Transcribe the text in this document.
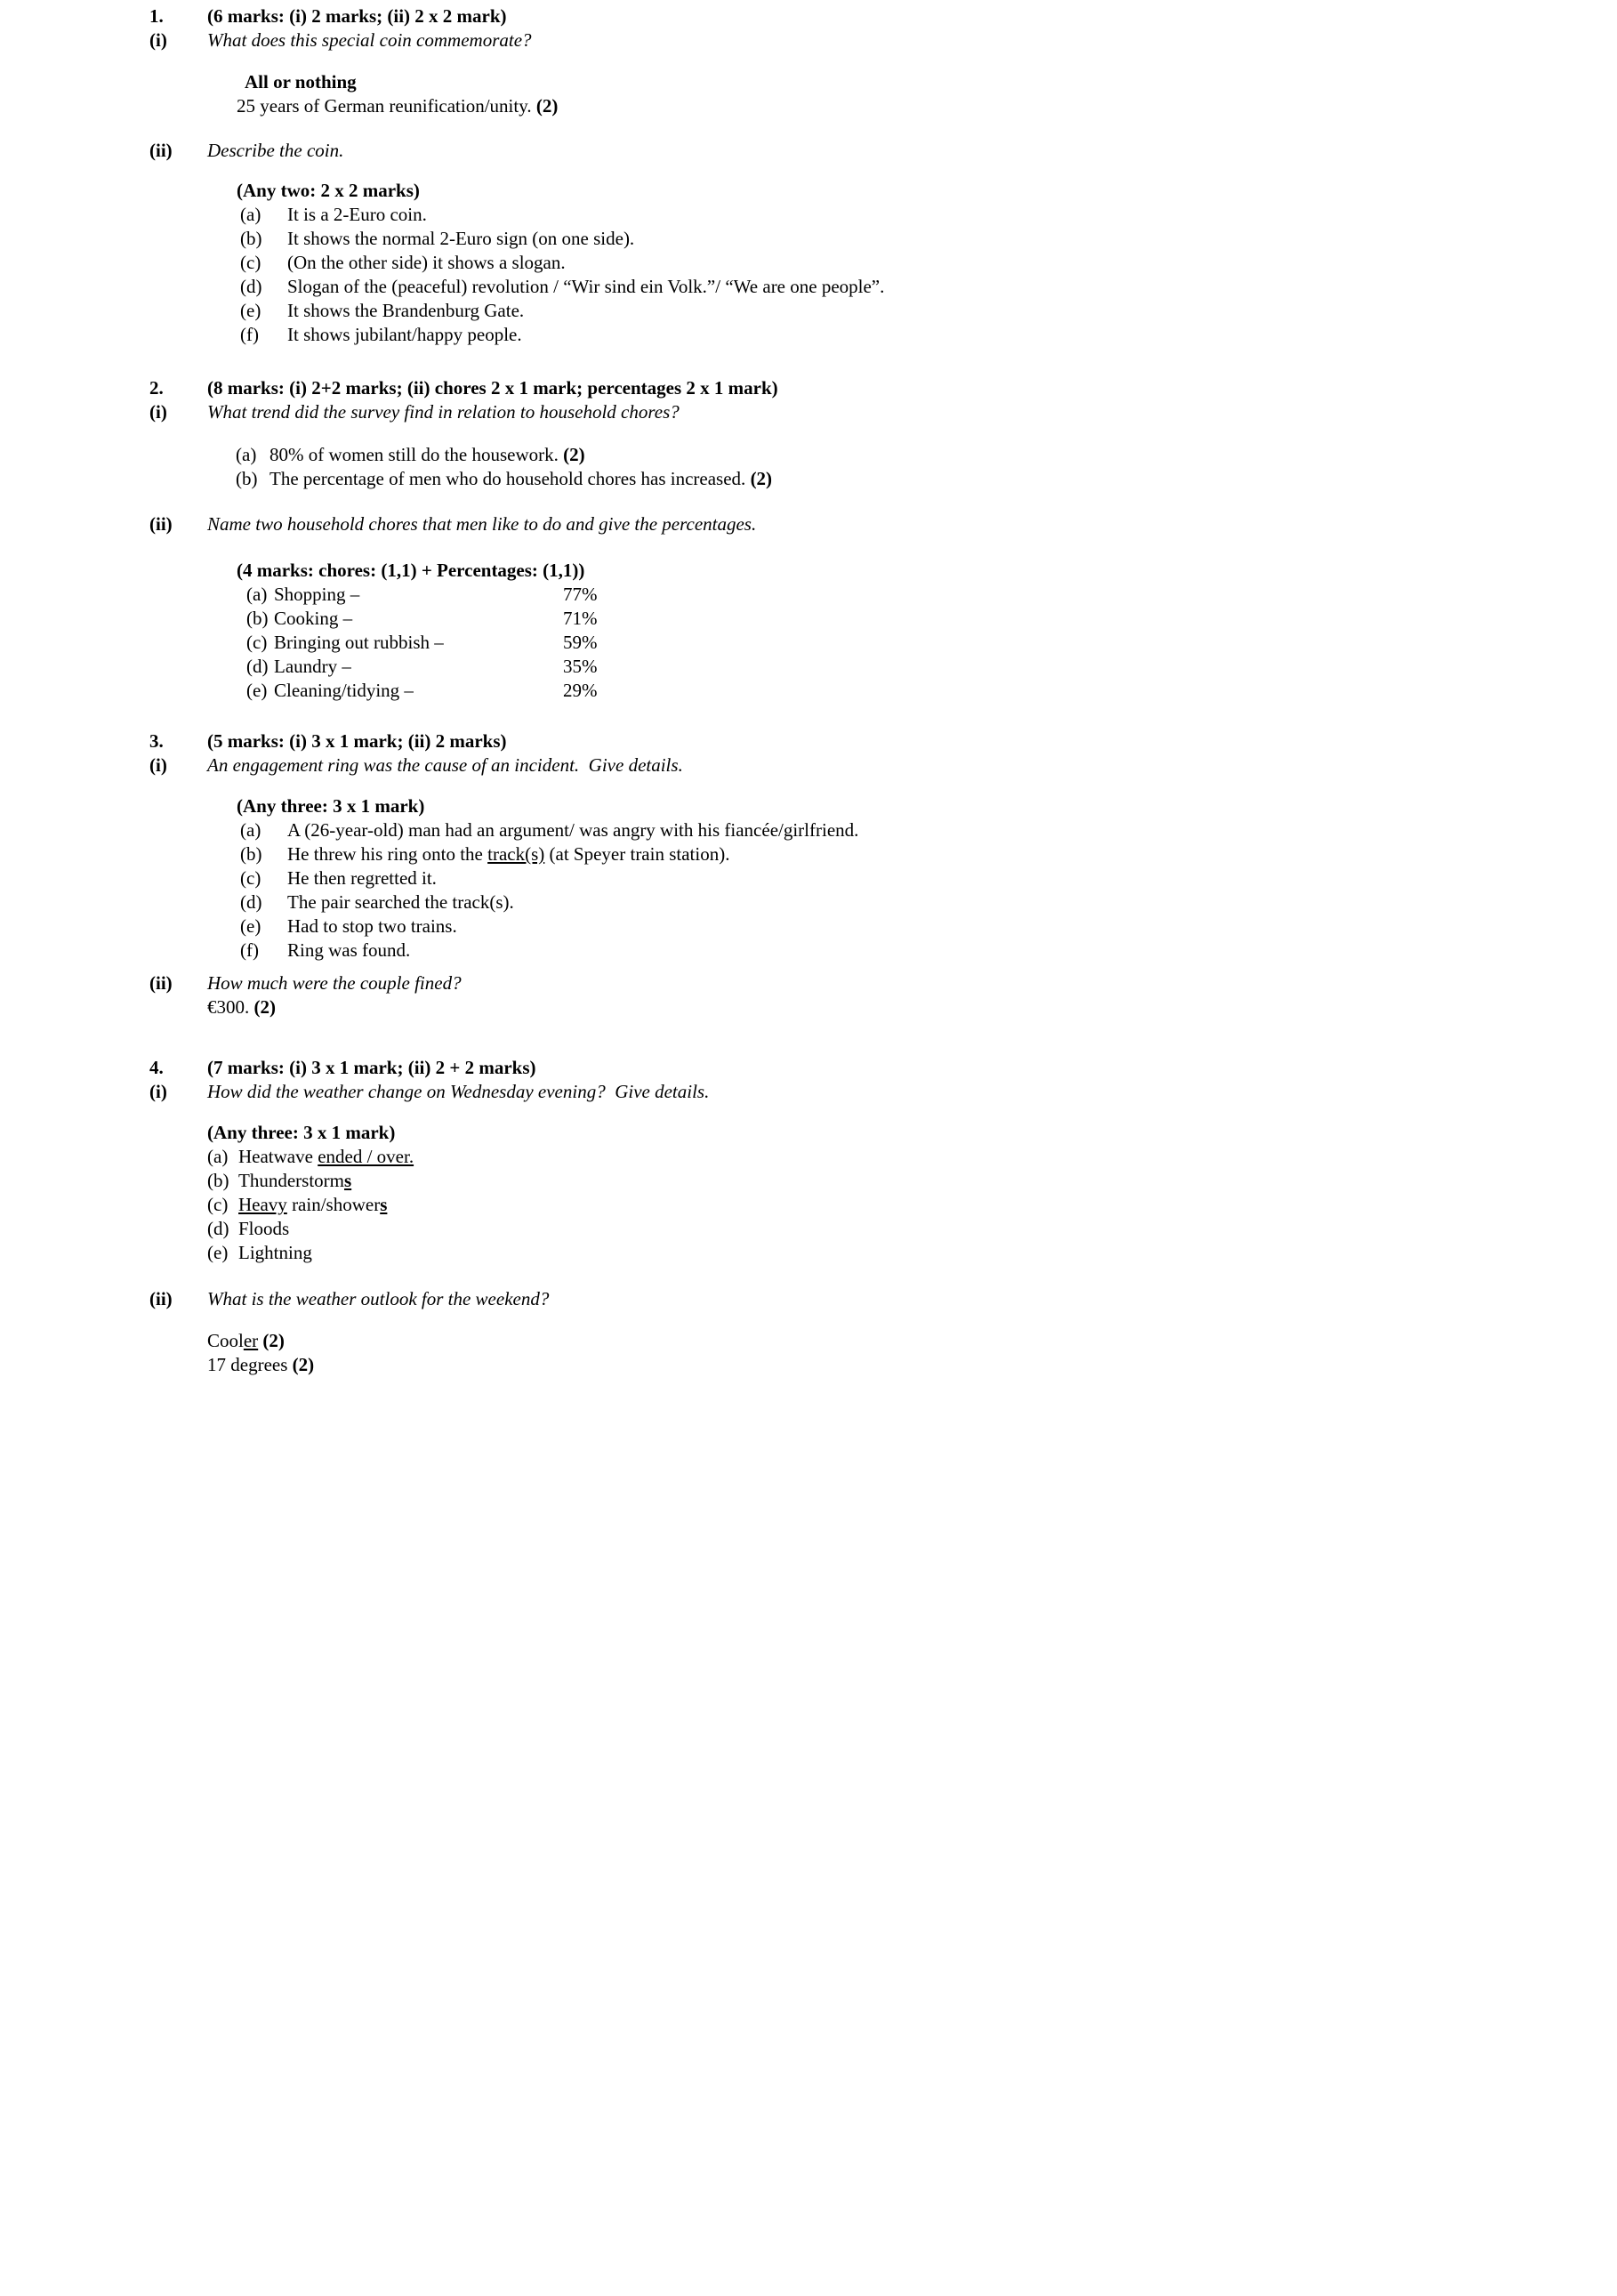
1.	(6 marks: (i) 2 marks; (ii) 2 x 2 mark)
(i)	What does this special coin commemorate?
All or nothing
25 years of German reunification/unity. (2)
(ii)	Describe the coin.
(Any two: 2 x 2 marks)
(a)	It is a 2-Euro coin.
(b)	It shows the normal 2-Euro sign (on one side).
(c)	(On the other side) it shows a slogan.
(d)	Slogan of the (peaceful) revolution / “Wir sind ein Volk.”/ “We are one people”.
(e)	It shows the Brandenburg Gate.
(f)	It shows jubilant/happy people.
2.	(8 marks: (i) 2+2 marks; (ii) chores 2 x 1 mark; percentages 2 x 1 mark)
(i)	What trend did the survey find in relation to household chores?
(a) 80% of women still do the housework. (2)
(b) The percentage of men who do household chores has increased. (2)
(ii)	Name two household chores that men like to do and give the percentages.
(4 marks: chores: (1,1) + Percentages: (1,1))
(a) Shopping –	77%
(b) Cooking –	71%
(c) Bringing out rubbish –	59%
(d) Laundry –	35%
(e) Cleaning/tidying –	29%
3.	(5 marks: (i) 3 x 1 mark; (ii) 2 marks)
(i)	An engagement ring was the cause of an incident.  Give details.
(Any three: 3 x 1 mark)
(a)	A (26-year-old) man had an argument/ was angry with his fiancée/girlfriend.
(b)	He threw his ring onto the track(s) (at Speyer train station).
(c)	He then regretted it.
(d)	The pair searched the track(s).
(e)	Had to stop two trains.
(f)	Ring was found.
(ii)	How much were the couple fined?
€300. (2)
4.	(7 marks: (i) 3 x 1 mark; (ii) 2 + 2 marks)
(i)	How did the weather change on Wednesday evening?  Give details.
(Any three: 3 x 1 mark)
(a) Heatwave ended / over.
(b) Thunderstorms
(c) Heavy rain/showers
(d) Floods
(e) Lightning
(ii)	What is the weather outlook for the weekend?
Cool er
(2)
17 degrees (2)
